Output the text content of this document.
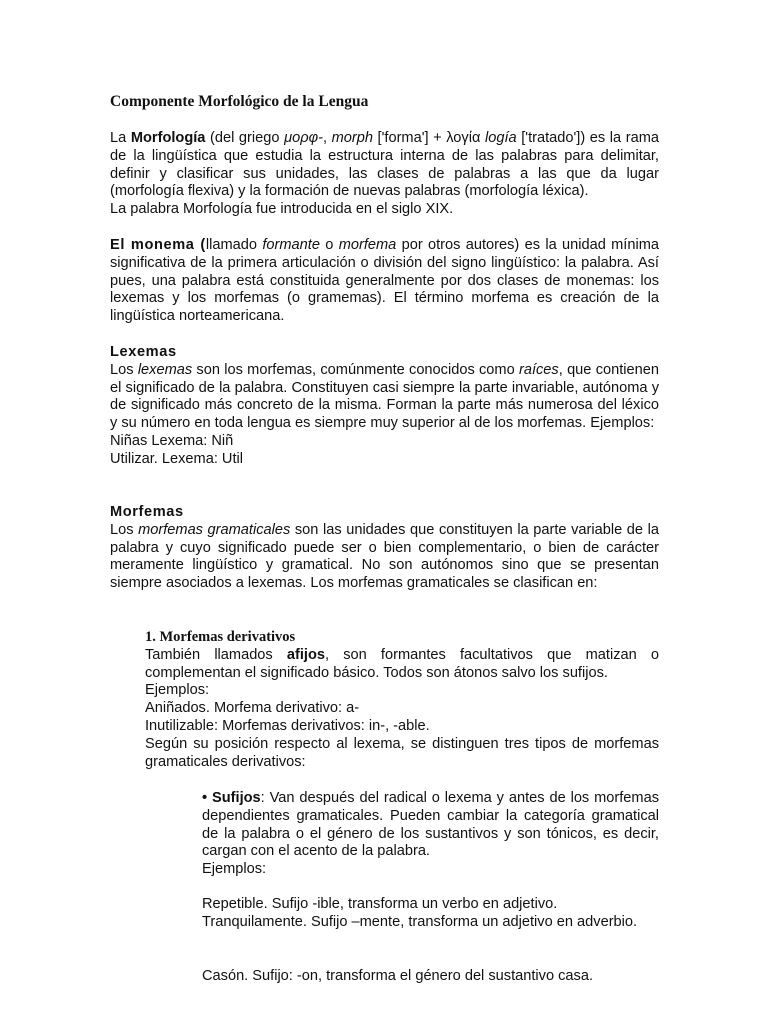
Componente Morfológico de la Lengua

La Morfología (del griego μορφ-, morph ['forma'] + λογία logía ['tratado']) es la rama de la lingüística que estudia la estructura interna de las palabras para delimitar, definir y clasificar sus unidades, las clases de palabras a las que da lugar (morfología flexiva) y la formación de nuevas palabras (morfología léxica).

La palabra Morfología fue introducida en el siglo XIX.

El monema (llamado formante o morfema por otros autores) es la unidad mínima significativa de la primera articulación o división del signo lingüístico: la palabra. Así pues, una palabra está constituida generalmente por dos clases de monemas: los lexemas y los morfemas (o gramemas). El término morfema es creación de la lingüística norteamericana.

Lexemas

Los lexemas son los morfemas, comúnmente conocidos como raíces, que contienen el significado de la palabra. Constituyen casi siempre la parte invariable, autónoma y de significado más concreto de la misma. Forman la parte más numerosa del léxico y su número en toda lengua es siempre muy superior al de los morfemas. Ejemplos:

Niñas Lexema: Niñ
Utilizar. Lexema: Util
Morfemas

Los morfemas gramaticales son las unidades que constituyen la parte variable de la palabra y cuyo significado puede ser o bien complementario, o bien de carácter meramente lingüístico y gramatical. No son autónomos sino que se presentan siempre asociados a lexemas. Los morfemas gramaticales se clasifican en:

1. Morfemas derivativos

También llamados afijos, son formantes facultativos que matizan o complementan el significado básico. Todos son átonos salvo los sufijos.

Ejemplos:
Aniñados. Morfema derivativo: a-
Inutilizable: Morfemas derivativos: in-, -able.

Según su posición respecto al lexema, se distinguen tres tipos de morfemas gramaticales derivativos:

• Sufijos: Van después del radical o lexema y antes de los morfemas dependientes gramaticales. Pueden cambiar la categoría gramatical de la palabra o el género de los sustantivos y son tónicos, es decir, cargan con el acento de la palabra.

Ejemplos:
Repetible. Sufijo -ible, transforma un verbo en adjetivo.

Tranquilamente. Sufijo –mente, transforma un adjetivo en adverbio.

Casón. Sufijo: -on, transforma el género del sustantivo casa.
